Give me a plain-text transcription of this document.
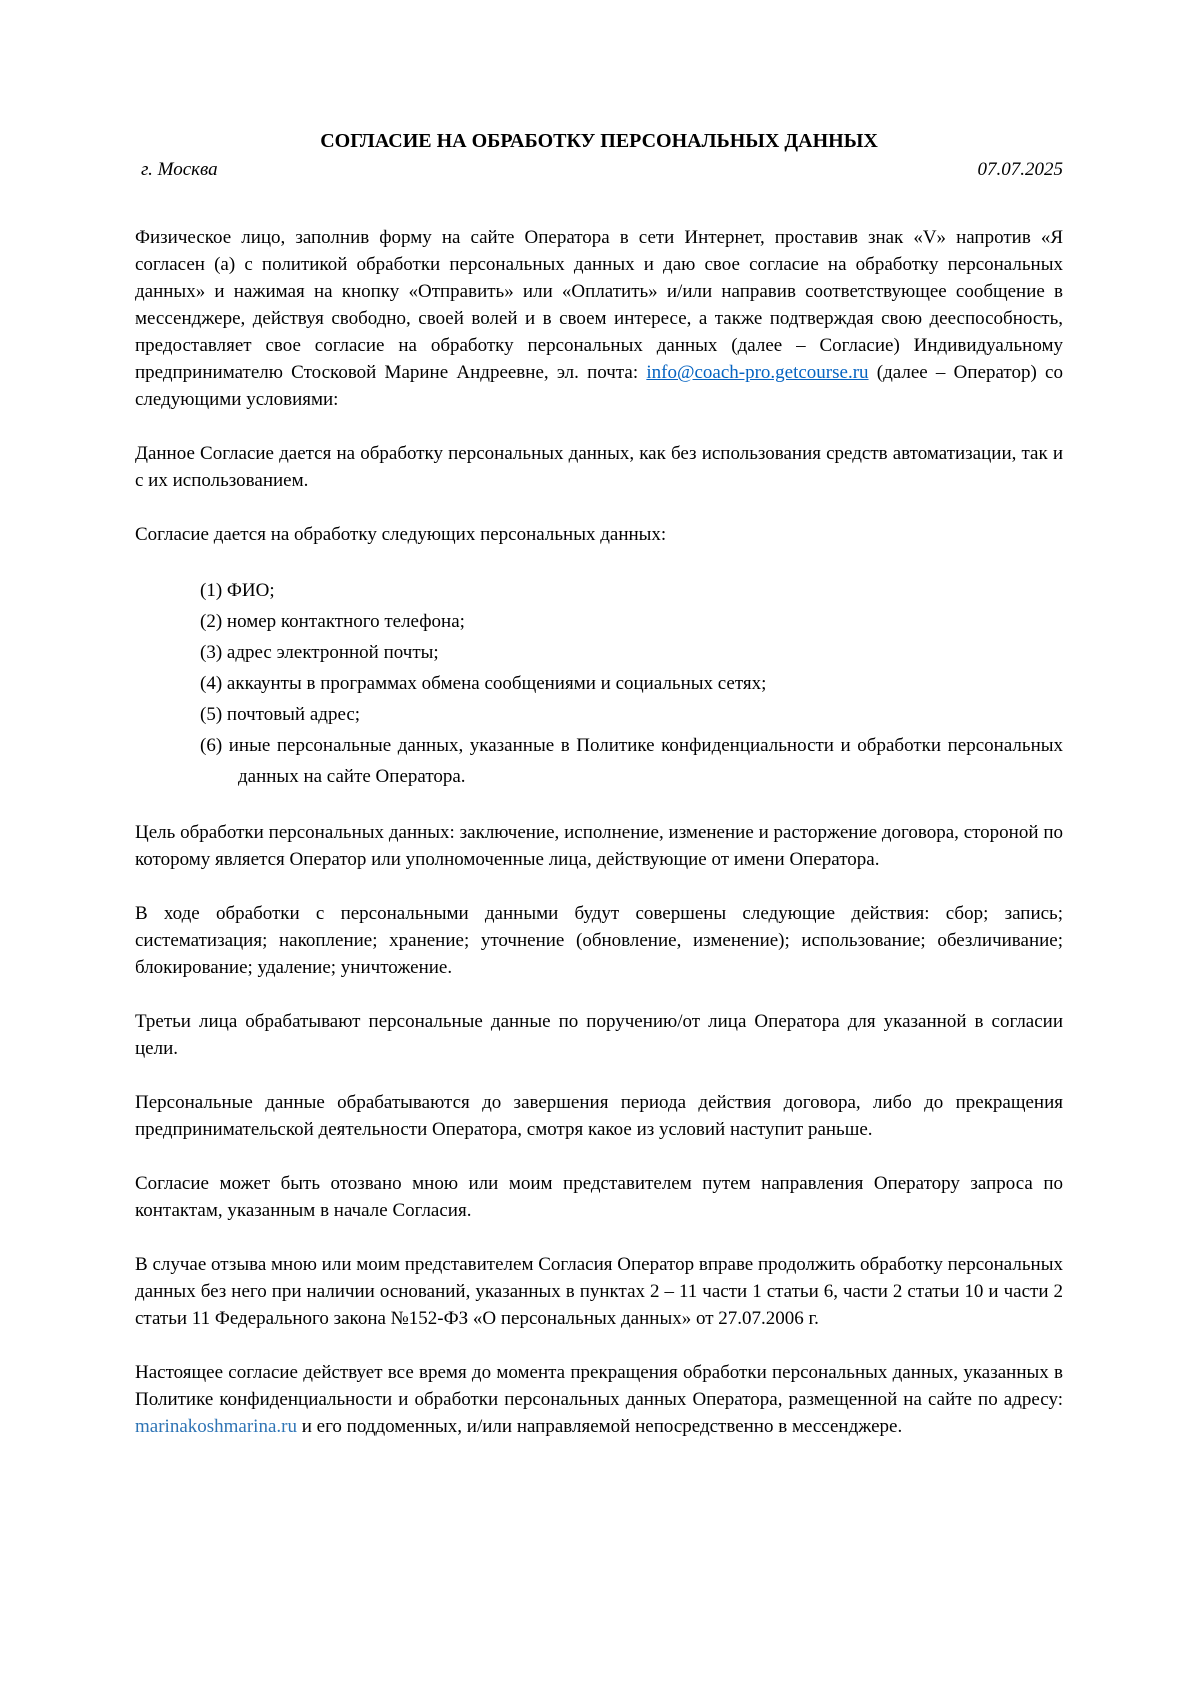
СОГЛАСИЕ НА ОБРАБОТКУ ПЕРСОНАЛЬНЫХ ДАННЫХ
г. Москва	07.07.2025

Физическое лицо, заполнив форму на сайте Оператора в сети Интернет, проставив знак «V» напротив «Я согласен (а) с политикой обработки персональных данных и даю свое согласие на обработку персональных данных» и нажимая на кнопку «Отправить» или «Оплатить» и/или направив соответствующее сообщение в мессенджере, действуя свободно, своей волей и в своем интересе, а также подтверждая свою дееспособность, предоставляет свое согласие на обработку персональных данных (далее – Согласие) Индивидуальному предпринимателю Стосковой Марине Андреевне, эл. почта: info@coach-pro.getcourse.ru (далее – Оператор) со следующими условиями:

Данное Согласие дается на обработку персональных данных, как без использования средств автоматизации, так и с их использованием.

Согласие дается на обработку следующих персональных данных:

(1) ФИО;
(2) номер контактного телефона;
(3) адрес электронной почты;
(4) аккаунты в программах обмена сообщениями и социальных сетях;
(5) почтовый адрес;
(6) иные персональные данных, указанные в Политике конфиденциальности и обработки персональных данных на сайте Оператора.

Цель обработки персональных данных: заключение, исполнение, изменение и расторжение договора, стороной по которому является Оператор или уполномоченные лица, действующие от имени Оператора.

В ходе обработки с персональными данными будут совершены следующие действия: сбор; запись; систематизация; накопление; хранение; уточнение (обновление, изменение); использование; обезличивание; блокирование; удаление; уничтожение.

Третьи лица обрабатывают персональные данные по поручению/от лица Оператора для указанной в согласии цели.

Персональные данные обрабатываются до завершения периода действия договора, либо до прекращения предпринимательской деятельности Оператора, смотря какое из условий наступит раньше.

Согласие может быть отозвано мною или моим представителем путем направления Оператору запроса по контактам, указанным в начале Согласия.

В случае отзыва мною или моим представителем Согласия Оператор вправе продолжить обработку персональных данных без него при наличии оснований, указанных в пунктах 2 – 11 части 1 статьи 6, части 2 статьи 10 и части 2 статьи 11 Федерального закона №152-ФЗ «О персональных данных» от 27.07.2006 г.

Настоящее согласие действует все время до момента прекращения обработки персональных данных, указанных в Политике конфиденциальности и обработки персональных данных Оператора, размещенной на сайте по адресу: marinakoshmarina.ru и его поддоменных, и/или направляемой непосредственно в мессенджере.
